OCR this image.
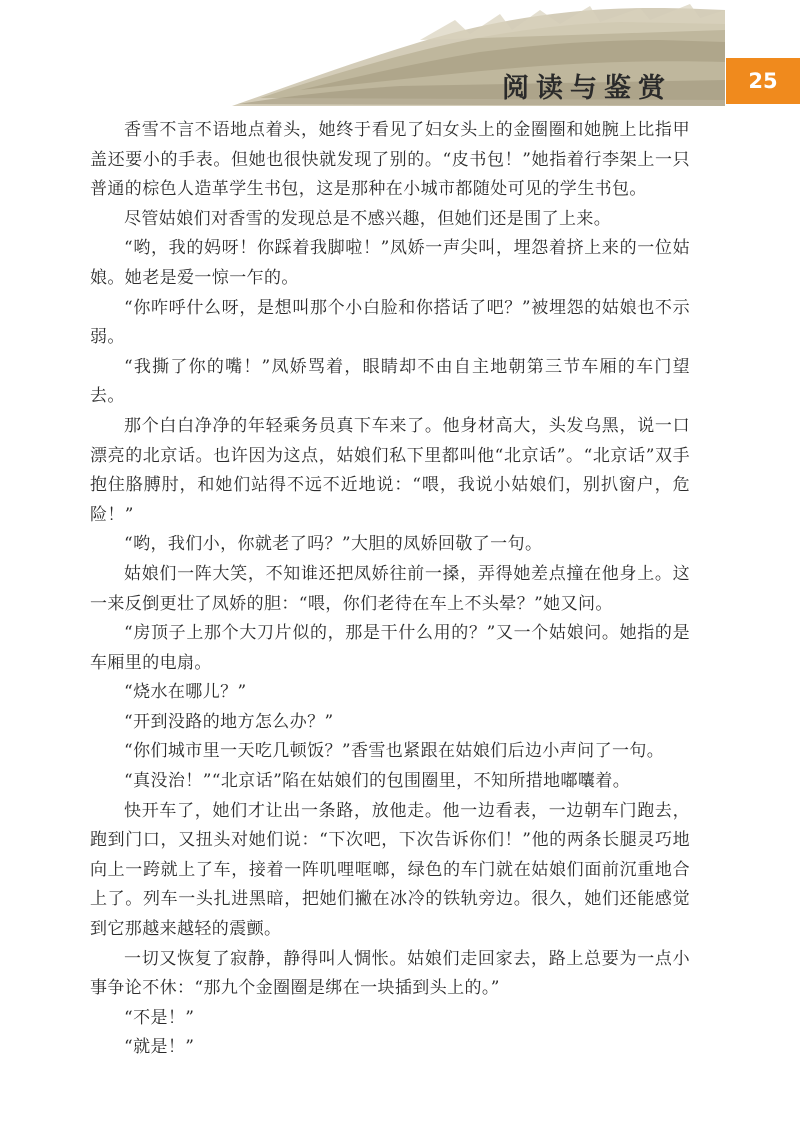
阅读与鉴赏	25

香雪不言不语地点着头，她终于看见了妇女头上的金圈圈和她腕上比指甲盖还要小的手表。但她也很快就发现了别的。“皮书包！”她指着行李架上一只普通的棕色人造革学生书包，这是那种在小城市都随处可见的学生书包。

尽管姑娘们对香雪的发现总是不感兴趣，但她们还是围了上来。

“哟，我的妈呀！你踩着我脚啦！”凤娇一声尖叫，埋怨着挤上来的一位姑娘。她老是爱一惊一乍的。

“你咋呼什么呀，是想叫那个小白脸和你搭话了吧？”被埋怨的姑娘也不示弱。

“我撕了你的嘴！”凤娇骂着，眼睛却不由自主地朝第三节车厢的车门望去。

那个白白净净的年轻乘务员真下车来了。他身材高大，头发乌黑，说一口漂亮的北京话。也许因为这点，姑娘们私下里都叫他“北京话”。“北京话”双手抱住胳膊肘，和她们站得不远不近地说：“喂，我说小姑娘们，别扒窗户，危险！”

“哟，我们小，你就老了吗？”大胆的凤娇回敬了一句。

姑娘们一阵大笑，不知谁还把凤娇往前一搡，弄得她差点撞在他身上。这一来反倒更壮了凤娇的胆：“喂，你们老待在车上不头晕？”她又问。

“房顶子上那个大刀片似的，那是干什么用的？”又一个姑娘问。她指的是车厢里的电扇。

“烧水在哪儿？”

“开到没路的地方怎么办？”

“你们城市里一天吃几顿饭？”香雪也紧跟在姑娘们后边小声问了一句。

“真没治！”“北京话”陷在姑娘们的包围圈里，不知所措地嘟囔着。

快开车了，她们才让出一条路，放他走。他一边看表，一边朝车门跑去，跑到门口，又扭头对她们说：“下次吧，下次告诉你们！”他的两条长腿灵巧地向上一跨就上了车，接着一阵叽哩哐啷，绿色的车门就在姑娘们面前沉重地合上了。列车一头扎进黑暗，把她们撇在冰冷的铁轨旁边。很久，她们还能感觉到它那越来越轻的震颤。

一切又恢复了寂静，静得叫人惆怅。姑娘们走回家去，路上总要为一点小事争论不休：“那九个金圈圈是绑在一块插到头上的。”

“不是！”

“就是！”
